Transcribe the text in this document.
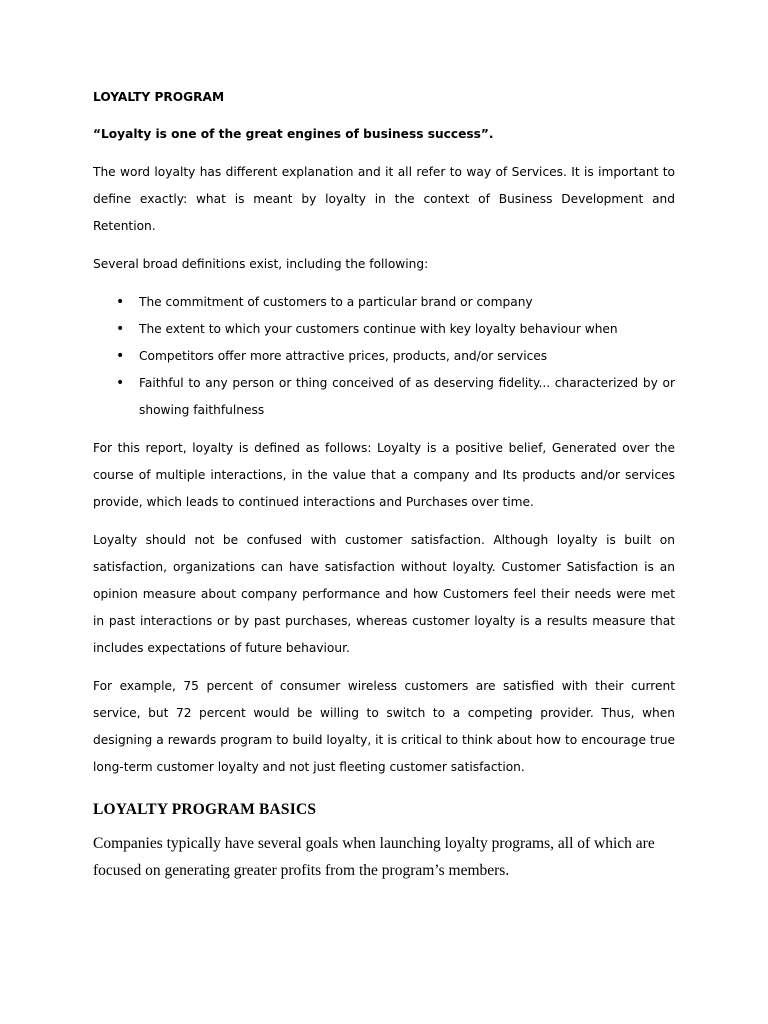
LOYALTY PROGRAM
“Loyalty is one of the great engines of business success”.

The word loyalty has different explanation and it all refer to way of Services. It is important to define exactly: what is meant by loyalty in the context of Business Development and Retention.

Several broad definitions exist, including the following:

• The commitment of customers to a particular brand or company
• The extent to which your customers continue with key loyalty behaviour when
• Competitors offer more attractive prices, products, and/or services
• Faithful to any person or thing conceived of as deserving fidelity... characterized by or showing faithfulness

For this report, loyalty is defined as follows: Loyalty is a positive belief, Generated over the course of multiple interactions, in the value that a company and Its products and/or services provide, which leads to continued interactions and Purchases over time.

Loyalty should not be confused with customer satisfaction. Although loyalty is built on satisfaction, organizations can have satisfaction without loyalty. Customer Satisfaction is an opinion measure about company performance and how Customers feel their needs were met in past interactions or by past purchases, whereas customer loyalty is a results measure that includes expectations of future behaviour.

For example, 75 percent of consumer wireless customers are satisfied with their current service, but 72 percent would be willing to switch to a competing provider. Thus, when designing a rewards program to build loyalty, it is critical to think about how to encourage true long-term customer loyalty and not just fleeting customer satisfaction.

LOYALTY PROGRAM BASICS

Companies typically have several goals when launching loyalty programs, all of which are focused on generating greater profits from the program’s members.
